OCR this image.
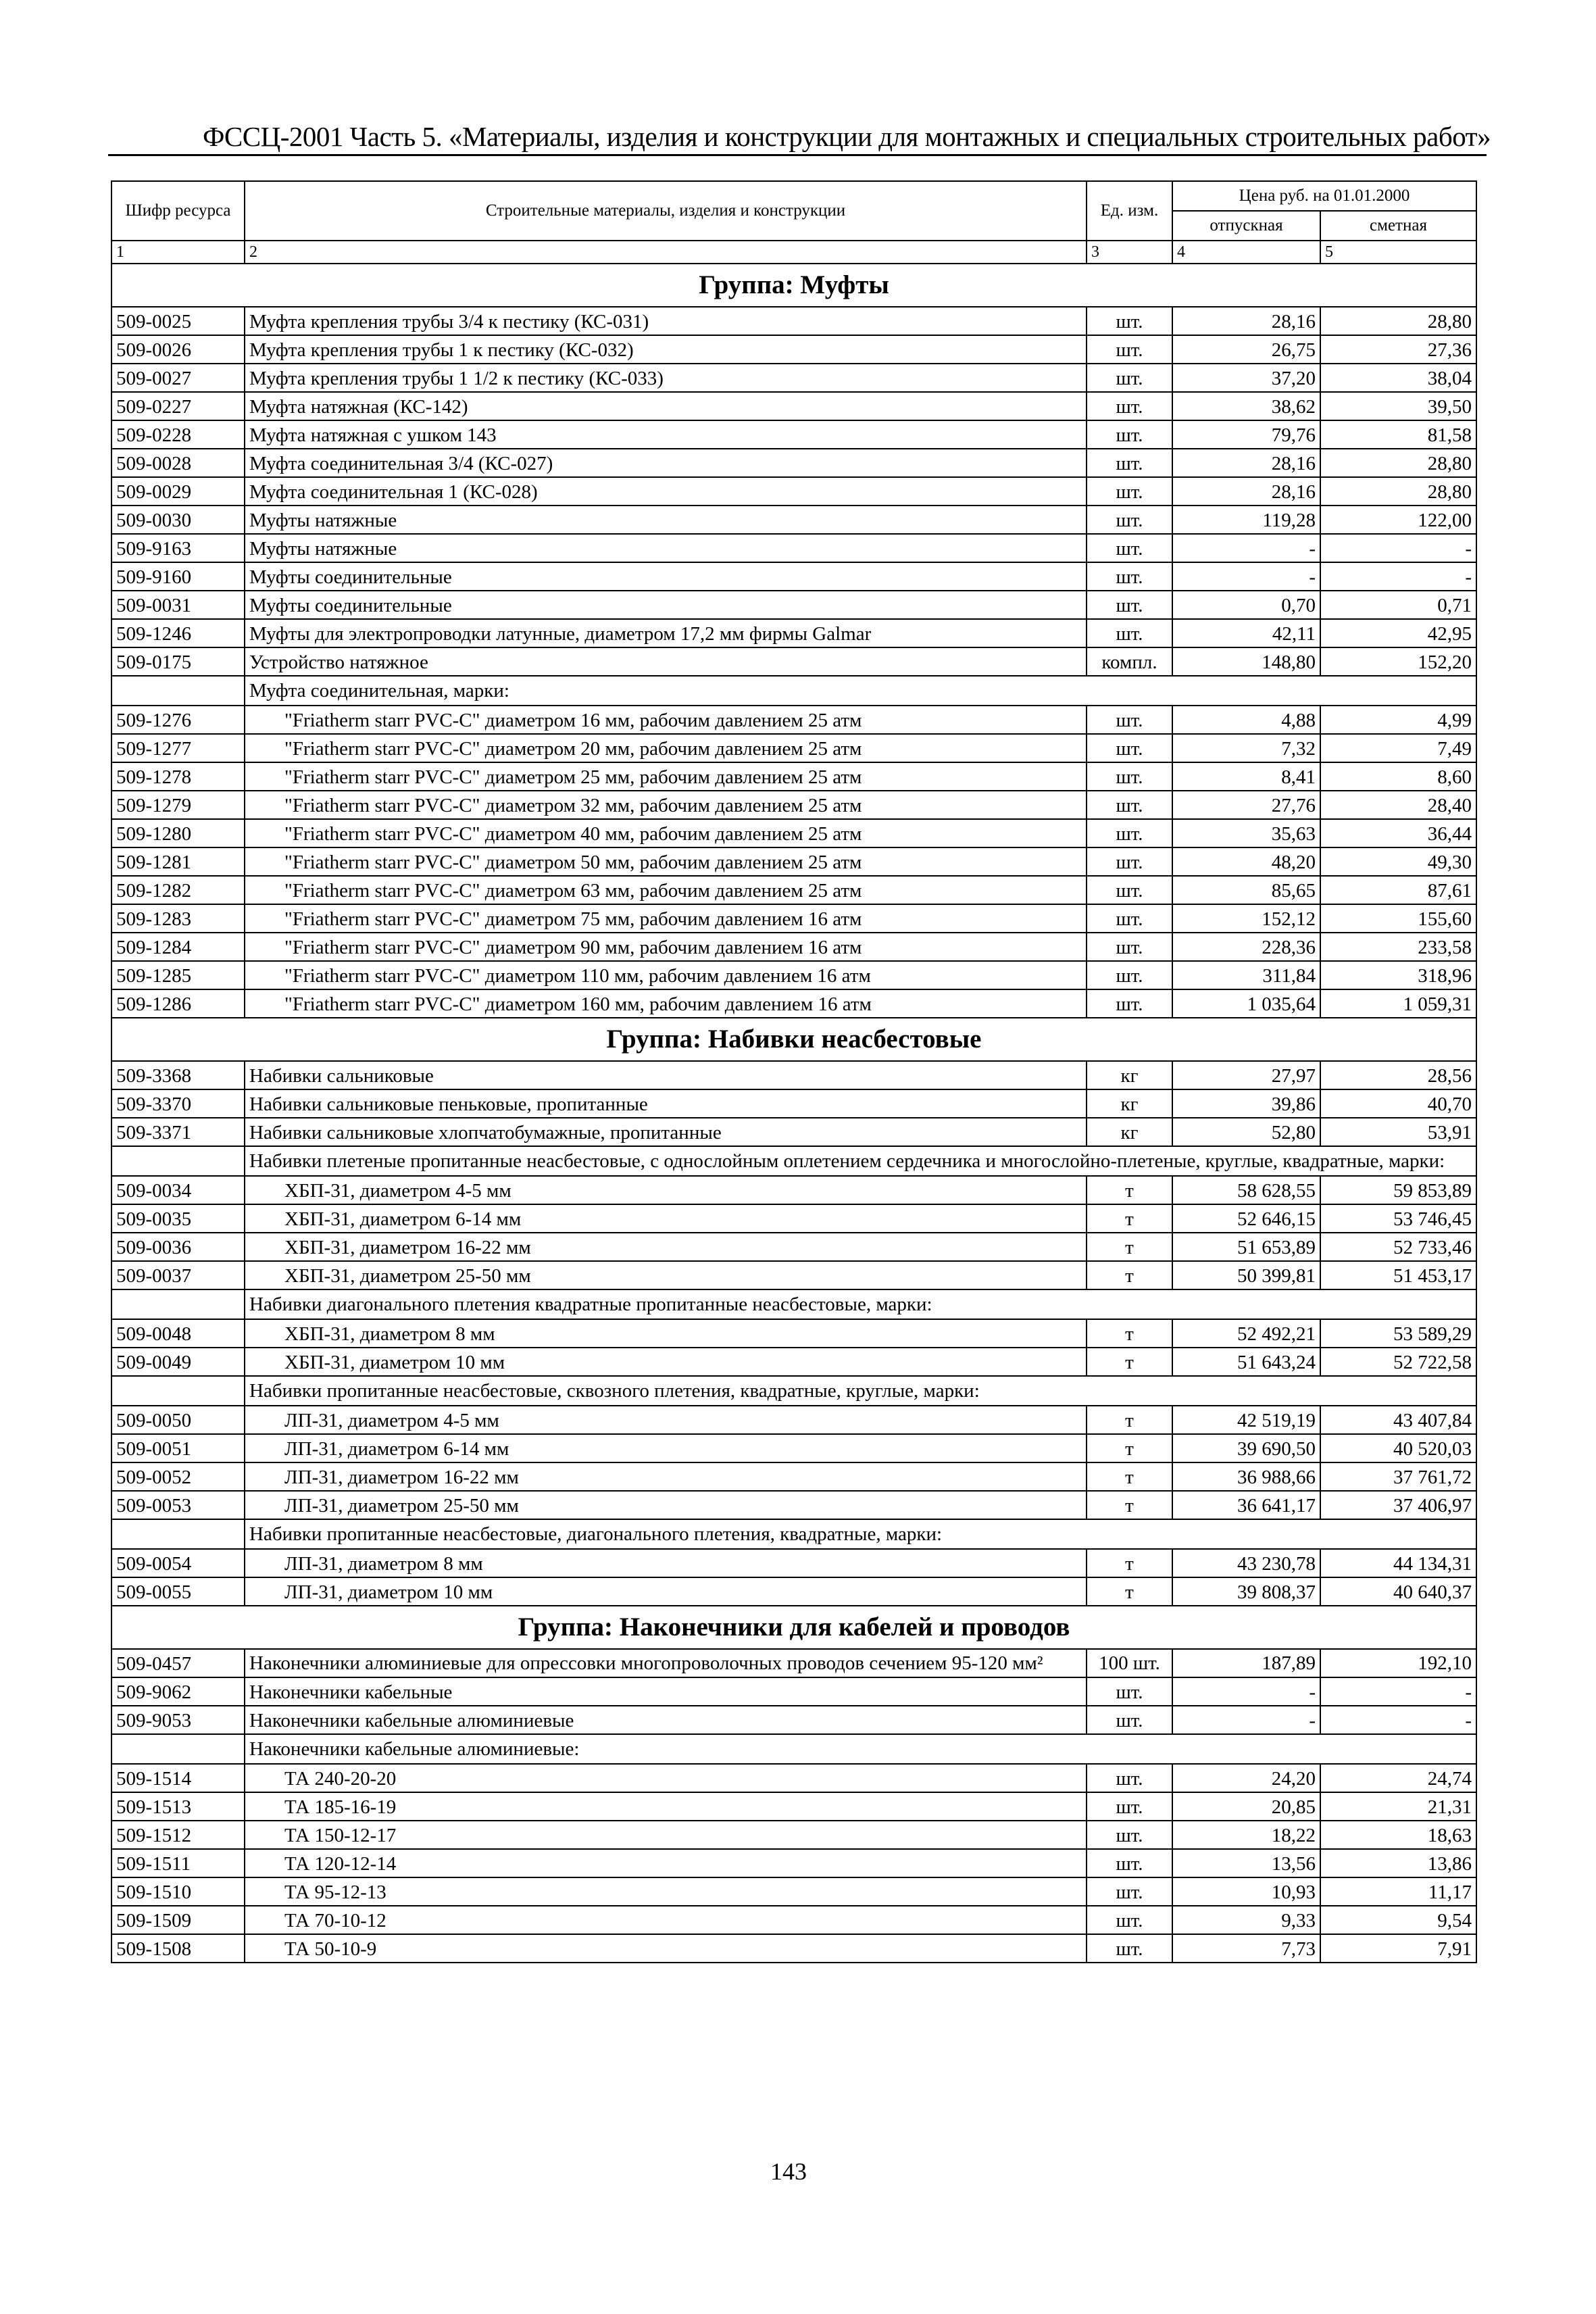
ФССЦ-2001 Часть 5. «Материалы, изделия и конструкции для монтажных и специальных строительных работ»
Шифр ресурса	Строительные материалы, изделия и конструкции	Ед. изм.	Цена руб. на 01.01.2000	
			отпускная	сметная
1	2	3	4	5
Группа: Муфты				
509-0025	Муфта крепления трубы 3/4 к пестику (КС-031)	шт.	28,16	28,80
509-0026	Муфта крепления трубы 1 к пестику (КС-032)	шт.	26,75	27,36
509-0027	Муфта крепления трубы 1 1/2 к пестику (КС-033)	шт.	37,20	38,04
509-0227	Муфта натяжная (КС-142)	шт.	38,62	39,50
509-0228	Муфта натяжная с ушком 143	шт.	79,76	81,58
509-0028	Муфта соединительная 3/4 (КС-027)	шт.	28,16	28,80
509-0029	Муфта соединительная 1 (КС-028)	шт.	28,16	28,80
509-0030	Муфты натяжные	шт.	119,28	122,00
509-9163	Муфты натяжные	шт.	-	-
509-9160	Муфты соединительные	шт.	-	-
509-0031	Муфты соединительные	шт.	0,70	0,71
509-1246	Муфты для электропроводки латунные, диаметром 17,2 мм фирмы Galmar	шт.	42,11	42,95
509-0175	Устройство натяжное	компл.	148,80	152,20
	Муфта соединительная, марки:			
509-1276	"Friatherm starr PVC-C" диаметром 16 мм, рабочим давлением 25 атм	шт.	4,88	4,99
509-1277	"Friatherm starr PVC-C" диаметром 20 мм, рабочим давлением 25 атм	шт.	7,32	7,49
509-1278	"Friatherm starr PVC-C" диаметром 25 мм, рабочим давлением 25 атм	шт.	8,41	8,60
509-1279	"Friatherm starr PVC-C" диаметром 32 мм, рабочим давлением 25 атм	шт.	27,76	28,40
509-1280	"Friatherm starr PVC-C" диаметром 40 мм, рабочим давлением 25 атм	шт.	35,63	36,44
509-1281	"Friatherm starr PVC-C" диаметром 50 мм, рабочим давлением 25 атм	шт.	48,20	49,30
509-1282	"Friatherm starr PVC-C" диаметром 63 мм, рабочим давлением 25 атм	шт.	85,65	87,61
509-1283	"Friatherm starr PVC-C" диаметром 75 мм, рабочим давлением 16 атм	шт.	152,12	155,60
509-1284	"Friatherm starr PVC-C" диаметром 90 мм, рабочим давлением 16 атм	шт.	228,36	233,58
509-1285	"Friatherm starr PVC-C" диаметром 110 мм, рабочим давлением 16 атм	шт.	311,84	318,96
509-1286	"Friatherm starr PVC-C" диаметром 160 мм, рабочим давлением 16 атм	шт.	1 035,64	1 059,31
Группа: Набивки неасбестовые				
509-3368	Набивки сальниковые	кг	27,97	28,56
509-3370	Набивки сальниковые пеньковые, пропитанные	кг	39,86	40,70
509-3371	Набивки сальниковые хлопчатобумажные, пропитанные	кг	52,80	53,91
	Набивки плетеные пропитанные неасбестовые, с однослойным оплетением сердечника и многослойно-плетеные, круглые, квадратные, марки:			
509-0034	ХБП-31, диаметром 4-5 мм	т	58 628,55	59 853,89
509-0035	ХБП-31, диаметром 6-14 мм	т	52 646,15	53 746,45
509-0036	ХБП-31, диаметром 16-22 мм	т	51 653,89	52 733,46
509-0037	ХБП-31, диаметром 25-50 мм	т	50 399,81	51 453,17
	Набивки диагонального плетения квадратные пропитанные неасбестовые, марки:			
509-0048	ХБП-31, диаметром 8 мм	т	52 492,21	53 589,29
509-0049	ХБП-31, диаметром 10 мм	т	51 643,24	52 722,58
	Набивки пропитанные неасбестовые, сквозного плетения, квадратные, круглые, марки:			
509-0050	ЛП-31, диаметром 4-5 мм	т	42 519,19	43 407,84
509-0051	ЛП-31, диаметром 6-14 мм	т	39 690,50	40 520,03
509-0052	ЛП-31, диаметром 16-22 мм	т	36 988,66	37 761,72
509-0053	ЛП-31, диаметром 25-50 мм	т	36 641,17	37 406,97
	Набивки пропитанные неасбестовые, диагонального плетения, квадратные, марки:			
509-0054	ЛП-31, диаметром 8 мм	т	43 230,78	44 134,31
509-0055	ЛП-31, диаметром 10 мм	т	39 808,37	40 640,37
Группа: Наконечники для кабелей и проводов				
509-0457	Наконечники алюминиевые для опрессовки многопроволочных проводов сечением 95-120 мм²	100 шт.	187,89	192,10
509-9062	Наконечники кабельные	шт.	-	-
509-9053	Наконечники кабельные алюминиевые	шт.	-	-
	Наконечники кабельные алюминиевые:			
509-1514	ТА 240-20-20	шт.	24,20	24,74
509-1513	ТА 185-16-19	шт.	20,85	21,31
509-1512	ТА 150-12-17	шт.	18,22	18,63
509-1511	ТА 120-12-14	шт.	13,56	13,86
509-1510	ТА 95-12-13	шт.	10,93	11,17
509-1509	ТА 70-10-12	шт.	9,33	9,54
509-1508	ТА 50-10-9	шт.	7,73	7,91
143
